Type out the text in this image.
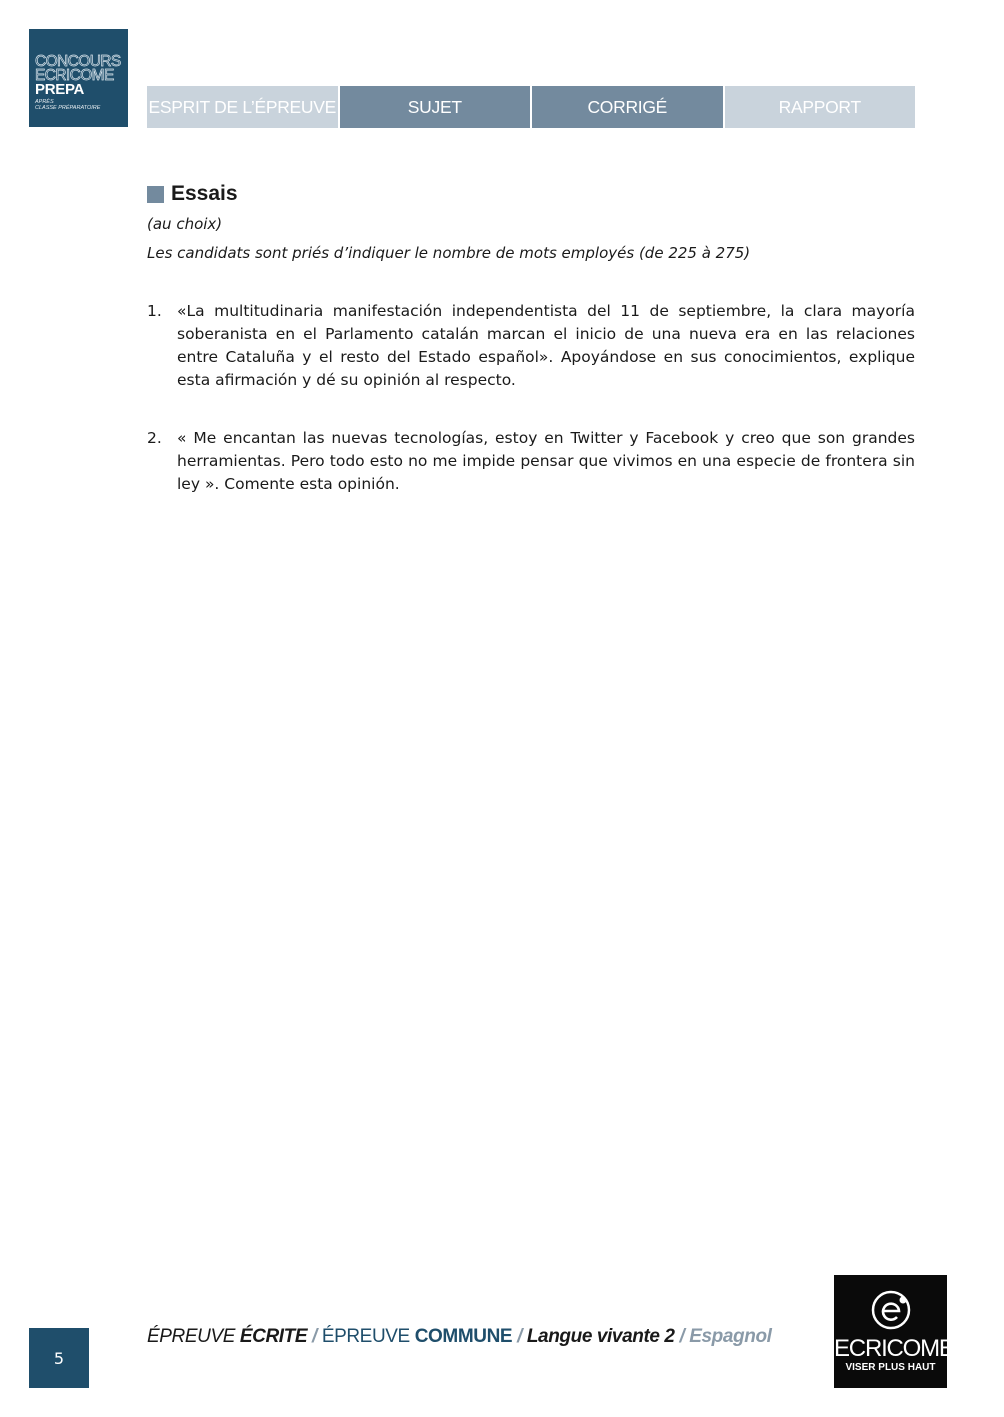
CONCOURS
ECRICOME
PREPA
APRÈS
CLASSE PRÉPARATOIRE	ESPRIT DE L’ÉPREUVE	SUJET	CORRIGÉ	RAPPORT
Essais
(au choix)
Les candidats sont priés d’indiquer le nombre de mots employés (de 225 à 275)
1. «La multitudinaria manifestación independentista del 11 de septiembre, la clara mayoría soberanista en el Parlamento catalán marcan el inicio de una nueva era en las relaciones entre Cataluña y el resto del Estado español». Apoyándose en sus conocimientos, explique esta afirmación y dé su opinión al respecto.
2. « Me encantan las nuevas tecnologías, estoy en Twitter y Facebook y creo que son grandes herramientas. Pero todo esto no me impide pensar que vivimos en una especie de frontera sin ley ». Comente esta opinión.
5
ÉPREUVE ÉCRITE / ÉPREUVE COMMUNE / Langue vivante 2 / Espagnol	ECRICOME
VISER PLUS HAUT
